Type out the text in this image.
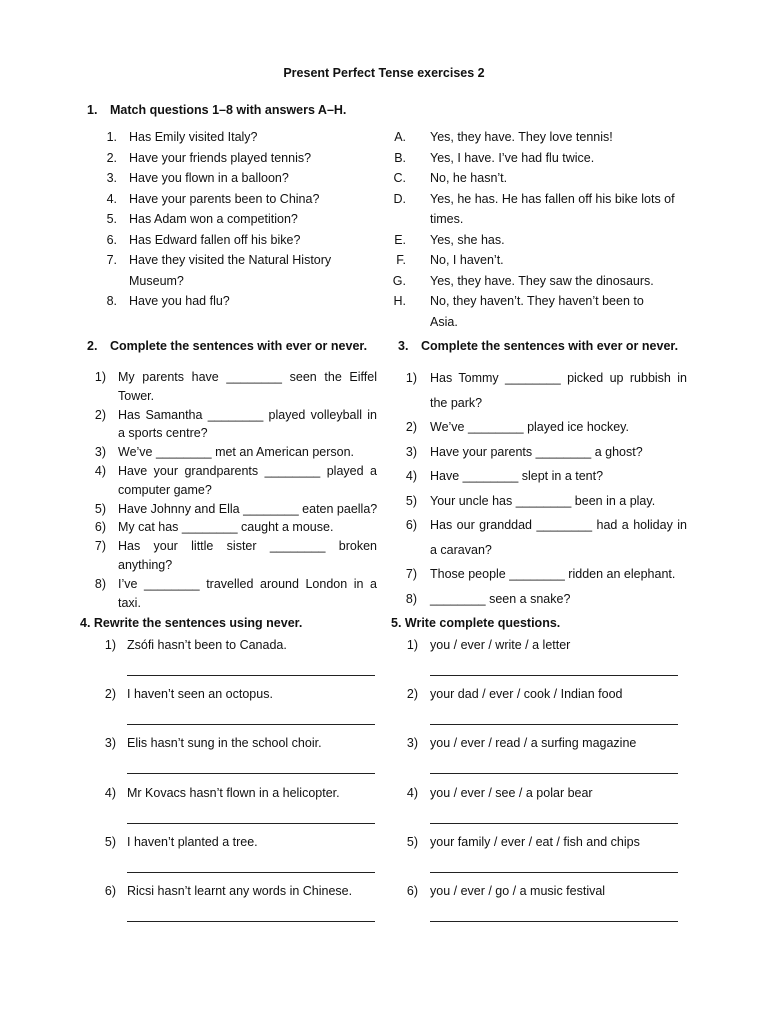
Present Perfect Tense exercises 2
1. Match questions 1–8 with answers A–H.
1. Has Emily visited Italy?
2. Have your friends played tennis?
3. Have you flown in a balloon?
4. Have your parents been to China?
5. Has Adam won a competition?
6. Has Edward fallen off his bike?
7. Have they visited the Natural History
Museum?
8. Have you had flu?
A. Yes, they have. They love tennis!
B. Yes, I have. I’ve had flu twice.
C. No, he hasn’t.
D. Yes, he has. He has fallen off his bike lots of
times.
E. Yes, she has.
F. No, I haven’t.
G. Yes, they have. They saw the dinosaurs.
H. No, they haven’t. They haven’t been to
Asia.
2. Complete the sentences with ever or never.
1) My parents have ________ seen the Eiffel
Tower.
2) Has Samantha ________ played volleyball in
a sports centre?
3) We’ve ________ met an American person.
4) Have your grandparents ________ played a
computer game?
5) Have Johnny and Ella ________ eaten paella?
6) My cat has ________ caught a mouse.
7) Has your little sister ________ broken
anything?
8) I’ve ________ travelled around London in a
taxi.
3. Complete the sentences with ever or never.
1) Has Tommy ________ picked up rubbish in
the park?
2) We’ve ________ played ice hockey.
3) Have your parents ________ a ghost?
4) Have ________ slept in a tent?
5) Your uncle has ________ been in a play.
6) Has our granddad ________ had a holiday in
a caravan?
7) Those people ________ ridden an elephant.
8) ________ seen a snake?
4. Rewrite the sentences using never.
1) Zsófi hasn’t been to Canada.
2) I haven’t seen an octopus.
3) Elis hasn’t sung in the school choir.
4) Mr Kovacs hasn’t flown in a helicopter.
5) I haven’t planted a tree.
6) Ricsi hasn’t learnt any words in Chinese.
5. Write complete questions.
1) you / ever / write / a letter
2) your dad / ever / cook / Indian food
3) you / ever / read / a surfing magazine
4) you / ever / see / a polar bear
5) your family / ever / eat / fish and chips
6) you / ever / go / a music festival
